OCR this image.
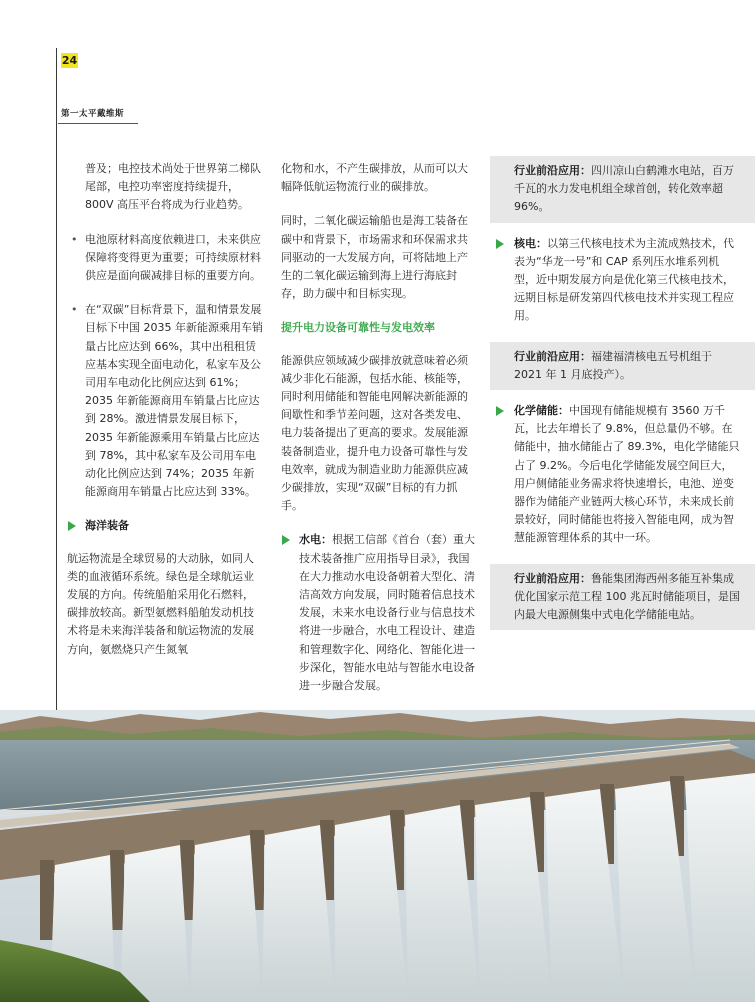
24
第一太平戴维斯

普及；电控技术尚处于世界第二梯队尾部，电控功率密度持续提升，800V 高压平台将成为行业趋势。

• 电池原材料高度依赖进口，未来供应保障将变得更为重要；可持续原材料供应是面向碳减排目标的重要方向。
• 在“双碳”目标背景下，温和情景发展目标下中国 2035 年新能源乘用车销量占比应达到 66%，其中出租租赁应基本实现全面电动化，私家车及公司用车电动化比例应达到 61%；2035 年新能源商用车销量占比应达到 28%。激进情景发展目标下，2035 年新能源乘用车销量占比应达到 78%，其中私家车及公司用车电动化比例应达到 74%；2035 年新能源商用车销量占比应达到 33%。
海洋装备

航运物流是全球贸易的大动脉，如同人类的血液循环系统。绿色是全球航运业发展的方向。传统船舶采用化石燃料，碳排放较高。新型氨燃料船舶发动机技术将是未来海洋装备和航运物流的发展方向，氨燃烧只产生氮氧

化物和水，不产生碳排放，从而可以大幅降低航运物流行业的碳排放。

同时，二氧化碳运输船也是海工装备在碳中和背景下，市场需求和环保需求共同驱动的一大发展方向，可将陆地上产生的二氧化碳运输到海上进行海底封存，助力碳中和目标实现。

提升电力设备可靠性与发电效率

能源供应领域减少碳排放就意味着必须减少非化石能源，包括水能、核能等，同时利用储能和智能电网解决新能源的间歇性和季节差问题，这对各类发电、电力装备提出了更高的要求。发展能源装备制造业，提升电力设备可靠性与发电效率，就成为制造业助力能源供应减少碳排放，实现“双碳”目标的有力抓手。

水电：根据工信部《首台（套）重大技术装备推广应用指导目录》，我国在大力推动水电设备朝着大型化、清洁高效方向发展，同时随着信息技术发展，未来水电设备行业与信息技术将进一步融合，水电工程设计、建造和管理数字化、网络化、智能化进一步深化，智能水电站与智能水电设备进一步融合发展。
行业前沿应用：四川凉山白鹤滩水电站，百万千瓦的水力发电机组全球首创，转化效率超 96%。
核电：以第三代核电技术为主流成熟技术，代表为“华龙一号”和 CAP 系列压水堆系列机型，近中期发展方向是优化第三代核电技术，远期目标是研发第四代核电技术并实现工程应用。
行业前沿应用：福建福清核电五号机组于 2021 年 1 月底投产）。
化学储能：中国现有储能规模有 3560 万千瓦，比去年增长了 9.8%，但总量仍不够。在储能中，抽水储能占了 89.3%，电化学储能只占了 9.2%。今后电化学储能发展空间巨大，用户侧储能业务需求将快速增长，电池、逆变器作为储能产业链两大核心环节，未来成长前景较好，同时储能也将接入智能电网，成为智慧能源管理体系的其中一环。
行业前沿应用：鲁能集团海西州多能互补集成优化国家示范工程 100 兆瓦时储能项目，是国内最大电源侧集中式电化学储能电站。
